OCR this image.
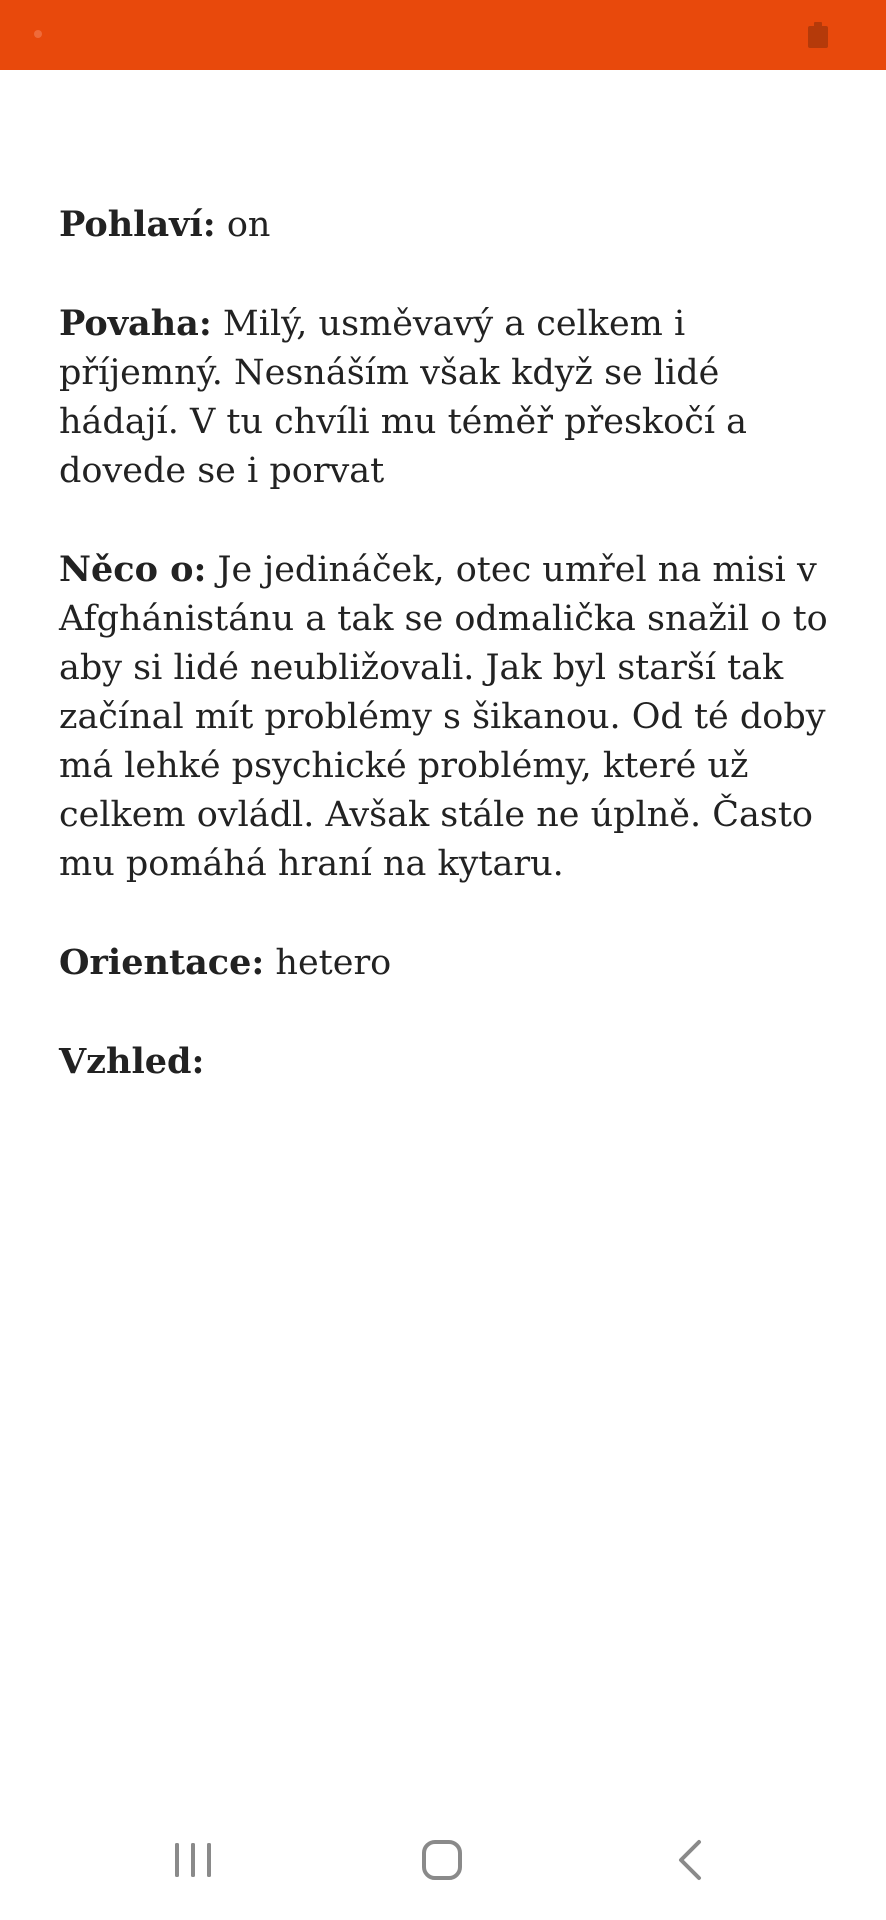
Pohlaví: on

Povaha: Milý, usměvavý a celkem i příjemný. Nesnáším však když se lidé hádají. V tu chvíli mu téměř přeskočí a dovede se i porvat

Něco o: Je jedináček, otec umřel na misi v Afghánistánu a tak se odmalička snažil o to aby si lidé neubližovali. Jak byl starší tak začínal mít problémy s šikanou. Od té doby má lehké psychické problémy, které už celkem ovládl. Avšak stále ne úplně. Často mu pomáhá hraní na kytaru.

Orientace: hetero

Vzhled:
